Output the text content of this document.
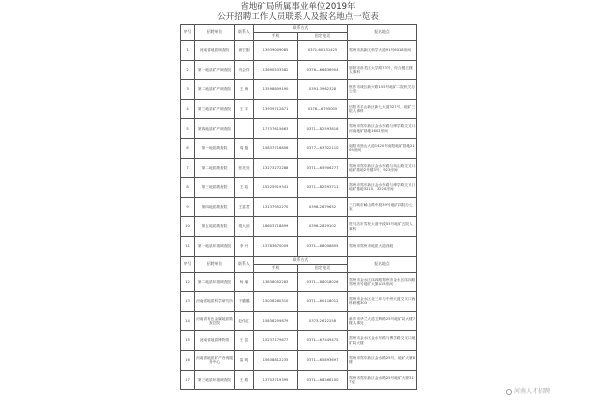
省地矿局所属事业单位2019年
公开招聘工作人员联系人及报名地点一览表
序号	招聘单位	联系人	联系方式		报名地点
			手机	固定电话	
1	河南省地质调查院	唐宏刚	13939009085	0371-60131425	郑州市高新区科学大道91号6018房间
2	第一地质矿产调查院	冯会祥	13690533582	0376—66636954	洛阳市洛龙区太学路73号，综合楼五楼人事科
3	第二地质矿产调查院	王 海	13598809190	0391-3962328	焦作市城区新兴路155号地矿二院机关办公室
4	第三地质矿产调查院	王 宇	13939712871	0376—6795005	信阳市羊山新区新七大道327号，地矿三院人事科
5	第四地质矿产调查院		17737615663	0371—82593818	郑州市郑东新区金水东路与博学路交叉口河南地矿基地1602房间
6	第一地质勘查院	周 磊	15837716856	0377—63322110	南阳市独山大道1420号南阳地矿基地2105房间
7	第二地质勘查院	张亮亮	13273272288	0371—65906277	郑州市郑东新区金水东路与凤山路交叉口地矿基地2号楼3号，923房间
8	第三地质勘查院	王 晗	15225919341	0371—82593711	郑州市郑东新区金水东路与博学路交叉口地矿基地3215，3220房间
9	第四地质勘查院	王富君	13137952270	0398-2879652	三门峡市崤山路中段39号地矿四院办公室
10	第五地质勘查院	胡大治	18603718899	0396-2829102	驻马店市雪松大道中段55号地矿五院人事科
11	第一地质环境调查院	李 丹	13783670009	0371—68056855	郑州市郑州市地质大道西段
序号	招聘单位	联系人	联系方式		报名地点
			手机	固定电话	
12	第二地质环境调查院	杨 瑜	13838052283	0371—68018026	郑州市金水区纬四路郑州市金水区纬四路郑州市号地矿大厦415房间
13	河南省地质科学研究所	于璐璐	15038280310	0371—60118012	郑州市金水区北三环与中州大道交叉口西科研楼303
14	河南省有色金属地质勘查总院	赵伟汇	15838259879	0373-2622258	新乡市华兰大道卫辉路25号地矿局大楼7楼人事处
15	河南省地质博物馆	王 昆	15237179677	0371—67449475	郑州市金水区金水东路与博学路交叉口地矿局大楼
16	河南省地质矿产咨询服务中心	雷 明	15638812235	0371—65893697	郑州市郑东新区金水路25号，地矿大厦8楼
17	第三地质环境调查院	王 路	13703719399	0371—68566100	郑州市郑东新区金水路25号地矿大厦317室
河南人才招聘
